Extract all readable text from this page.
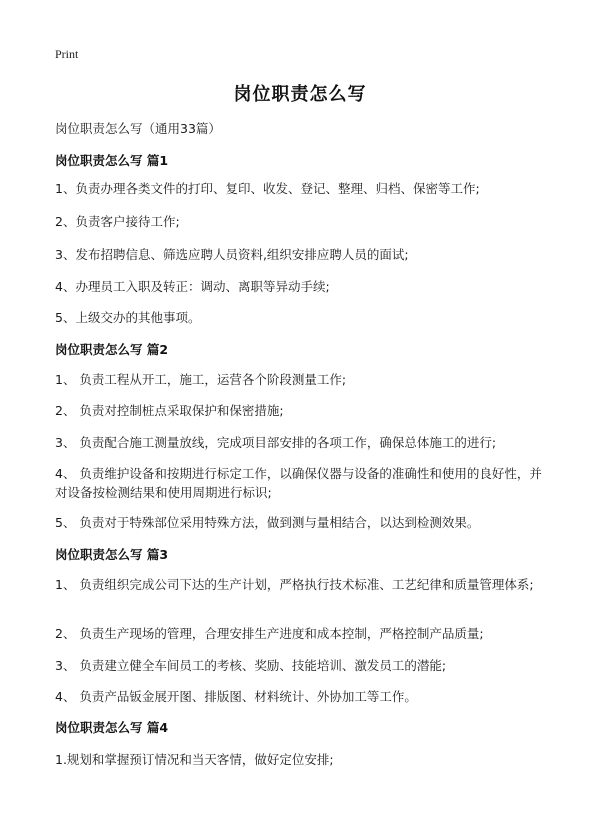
Print
岗位职责怎么写
岗位职责怎么写（通用33篇）
岗位职责怎么写 篇1
1、负责办理各类文件的打印、复印、收发、登记、整理、归档、保密等工作;
2、负责客户接待工作;
3、发布招聘信息、筛选应聘人员资料,组织安排应聘人员的面试;
4、办理员工入职及转正：调动、离职等异动手续;
5、上级交办的其他事项。
岗位职责怎么写 篇2
1、 负责工程从开工，施工，运营各个阶段测量工作;
2、 负责对控制桩点采取保护和保密措施;
3、 负责配合施工测量放线，完成项目部安排的各项工作，确保总体施工的进行;
4、 负责维护设备和按期进行标定工作，以确保仪器与设备的准确性和使用的良好性，并对设备按检测结果和使用周期进行标识;
5、 负责对于特殊部位采用特殊方法，做到测与量相结合，以达到检测效果。
岗位职责怎么写 篇3
1、 负责组织完成公司下达的生产计划，严格执行技术标准、工艺纪律和质量管理体系;
2、 负责生产现场的管理，合理安排生产进度和成本控制，严格控制产品质量;
3、 负责建立健全车间员工的考核、奖励、技能培训、激发员工的潜能;
4、 负责产品钣金展开图、排版图、材料统计、外协加工等工作。
岗位职责怎么写 篇4
1.规划和掌握预订情况和当天客情，做好定位安排;
